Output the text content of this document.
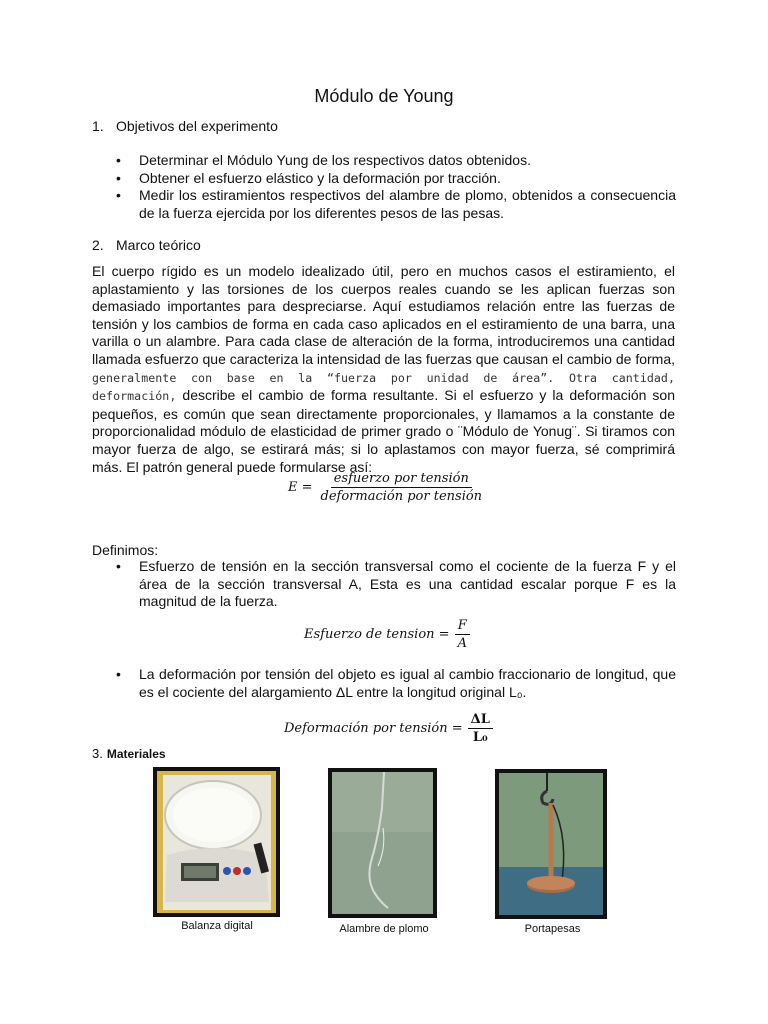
Módulo de Young
1. Objetivos del experimento
• Determinar el Módulo Yung de los respectivos datos obtenidos.
• Obtener el esfuerzo elástico y la deformación por tracción.
• Medir los estiramientos respectivos del alambre de plomo, obtenidos a consecuencia de la fuerza ejercida por los diferentes pesos de las pesas.
2. Marco teórico
El cuerpo rígido es un modelo idealizado útil, pero en muchos casos el estiramiento, el aplastamiento y las torsiones de los cuerpos reales cuando se les aplican fuerzas son demasiado importantes para despreciarse. Aquí estudiamos relación entre las fuerzas de tensión y los cambios de forma en cada caso aplicados en el estiramiento de una barra, una varilla o un alambre. Para cada clase de alteración de la forma, introduciremos una cantidad llamada esfuerzo que caracteriza la intensidad de las fuerzas que causan el cambio de forma, generalmente con base en la “fuerza por unidad de área”. Otra cantidad, deformación, describe el cambio de forma resultante. Si el esfuerzo y la deformación son pequeños, es común que sean directamente proporcionales, y llamamos a la constante de proporcionalidad módulo de elasticidad de primer grado o ¨Módulo de Yonug¨. Si tiramos con mayor fuerza de algo, se estirará más; si lo aplastamos con mayor fuerza, sé comprimirá más. El patrón general puede formularse así:
$E = \frac{\text{esfuerzo por tensión}}{\text{deformación por tensión}}$
Definimos:
• Esfuerzo de tensión en la sección transversal como el cociente de la fuerza F y el área de la sección transversal A, Esta es una cantidad escalar porque F es la magnitud de la fuerza.
Esfuerzo de tension = $\frac{F}{A}$
• La deformación por tensión del objeto es igual al cambio fraccionario de longitud, que es el cociente del alargamiento ΔL entre la longitud original L₀.
Deformación por tensión = $\frac{\Delta L}{\text{L₀}}$
3. Materiales
Balanza digital	Alambre de plomo	Portapesas
